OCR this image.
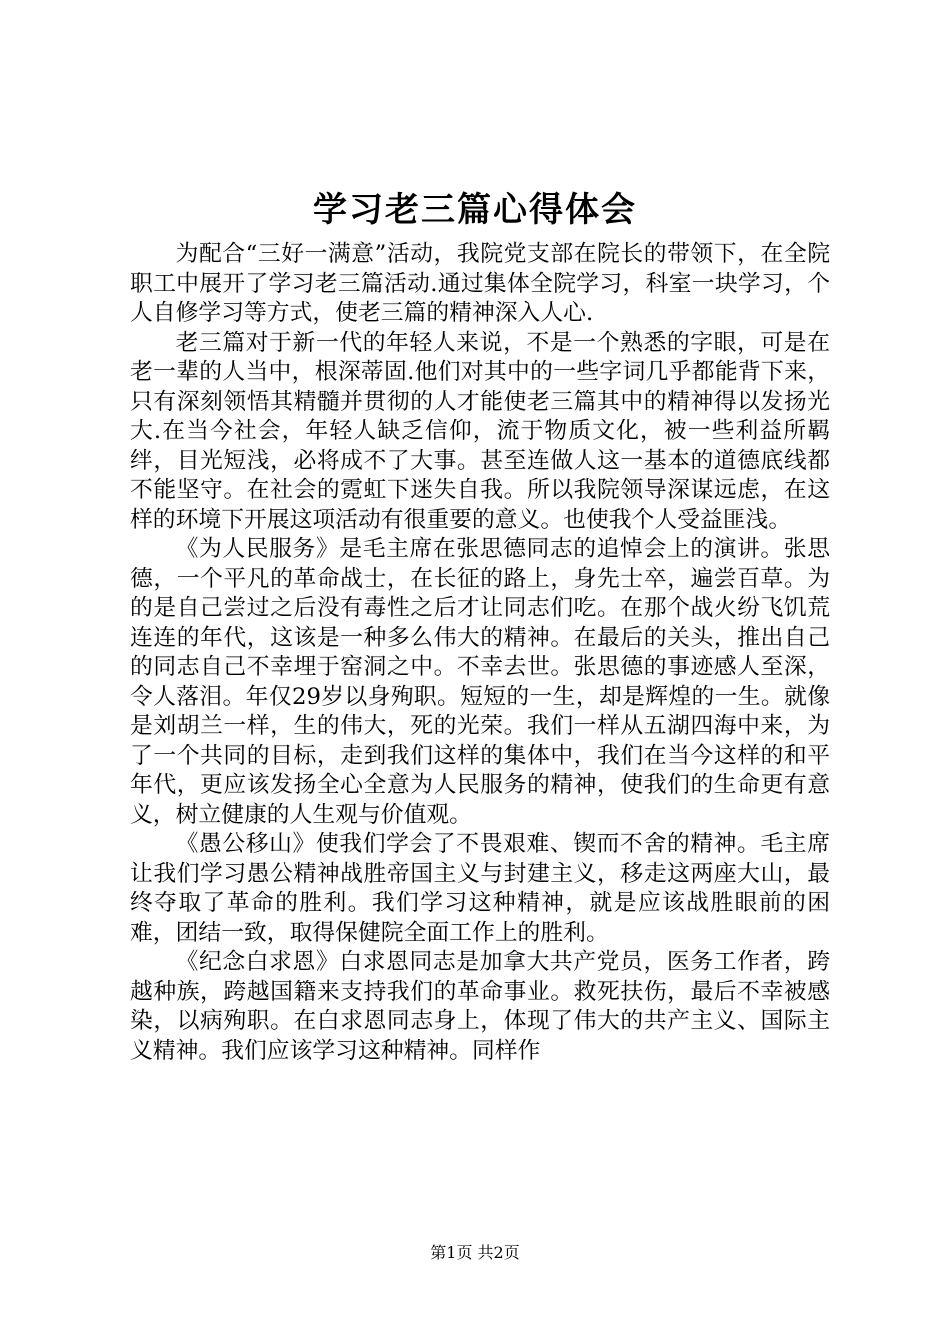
学习老三篇心得体会

为配合“三好一满意”活动，我院党支部在院长的带领下，在全院职工中展开了学习老三篇活动.通过集体全院学习，科室一块学习，个人自修学习等方式，使老三篇的精神深入人心.

老三篇对于新一代的年轻人来说，不是一个熟悉的字眼，可是在老一辈的人当中，根深蒂固.他们对其中的一些字词几乎都能背下来，只有深刻领悟其精髓并贯彻的人才能使老三篇其中的精神得以发扬光大.在当今社会，年轻人缺乏信仰，流于物质文化，被一些利益所羁绊，目光短浅，必将成不了大事。甚至连做人这一基本的道德底线都不能坚守。在社会的霓虹下迷失自我。所以我院领导深谋远虑，在这样的环境下开展这项活动有很重要的意义。也使我个人受益匪浅。

《为人民服务》是毛主席在张思德同志的追悼会上的演讲。张思德，一个平凡的革命战士，在长征的路上，身先士卒，遍尝百草。为的是自己尝过之后没有毒性之后才让同志们吃。在那个战火纷飞饥荒连连的年代，这该是一种多么伟大的精神。在最后的关头，推出自己的同志自己不幸埋于窑洞之中。不幸去世。张思德的事迹感人至深，令人落泪。年仅29岁以身殉职。短短的一生，却是辉煌的一生。就像是刘胡兰一样，生的伟大，死的光荣。我们一样从五湖四海中来，为了一个共同的目标，走到我们这样的集体中，我们在当今这样的和平年代，更应该发扬全心全意为人民服务的精神，使我们的生命更有意义，树立健康的人生观与价值观。

《愚公移山》使我们学会了不畏艰难、锲而不舍的精神。毛主席让我们学习愚公精神战胜帝国主义与封建主义，移走这两座大山，最终夺取了革命的胜利。我们学习这种精神，就是应该战胜眼前的困难，团结一致，取得保健院全面工作上的胜利。

《纪念白求恩》白求恩同志是加拿大共产党员，医务工作者，跨越种族，跨越国籍来支持我们的革命事业。救死扶伤，最后不幸被感染，以病殉职。在白求恩同志身上，体现了伟大的共产主义、国际主义精神。我们应该学习这种精神。同样作

第1页 共2页
